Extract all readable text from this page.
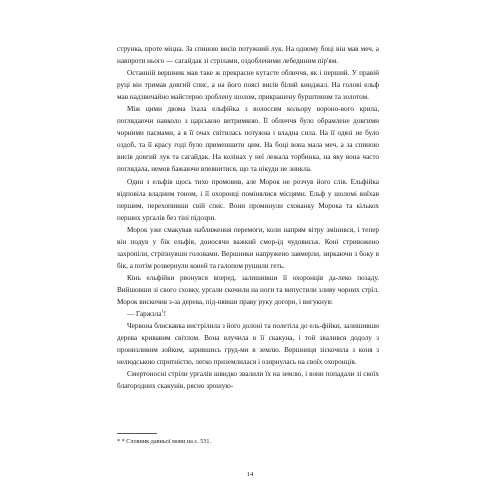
струнка, проте міцна. За спиною висів потужний лук. На одному боці він мав меч, а навпроти нього — сагайдак зі стрілами, оздобленими лебединим пір'ям.

Останній вершник мав таке ж прекрасне кутасте обличчя, як і перший. У правій руці він тримав довгий спис, а на його поясі висів білий кинджал. На голові ельф мав надзвичайно майстерно зроблену шолом, прикрашену бурштином та золотом.

Між цими двома їхала ельфійка з волоссям кольору вороно-вого крила, поглядаючи навколо з царською витримкою. Її обличчя було обрамлене довгими чорними пасмами, а в її очах світилась потужна і владна сила. На її одязі не було оздоб, та її красу годі було применшити цим. На боці вона мала меч, а за спиною висів довгий лук та сагайдак. На колінах у неї лежала торбинка, на яку вона часто поглядала, немов бажаючи впевнитися, що та нікуди не зникла.

Один з ельфів щось тихо промовив, але Морок не розчув його слів. Ельфійка відповіла владним тоном, і її охоронці помінялися місцями. Ельф у шоломі виїхав першим, перехопивши свій спис. Вони проминули схованку Морока та кількох перших ургалів без тіні підозри.

Морок уже смакував наближення перемоги, коли напрям вітру змінився, і тепер він подув у бік ельфів, доносячи важкий смор-ід чудовиськ. Коні стривожено захропіли, стріпнувши головами. Вершники напружено завмерли, зиркаючи з боку в бік, а потім розвернули коней та галопом рушили геть.

Кінь ельфійки рвонувся вперед, залишивши її охоронців да-леко позаду. Вийшовши зі свого сховку, ургали скочили на ноги та випустили зливу чорних стріл. Морок вискочив з-за дерева, під-нявши праву руку догори, і вигукнув:

— Гаржзла$^1$!

Червона блискавка вистрілила з його долоні та полетіла до ель-фійки, залишивши дерева кривавим світлом. Вона влучила в її скакуна, і той звалився додолу з пронизливим зойком, зарившись груд-ми в землю. Вершниця зіскочила з коня з нелюдською спритністю, легко приземлилася і озирнулась на своїх охоронців.

Смертоносні стріли ургалів швидко звалили їх на землю, і вони попадали зі своїх благородних скакунів, рясно зрошую-

* * Словник давньої мови на с. 531.
14
